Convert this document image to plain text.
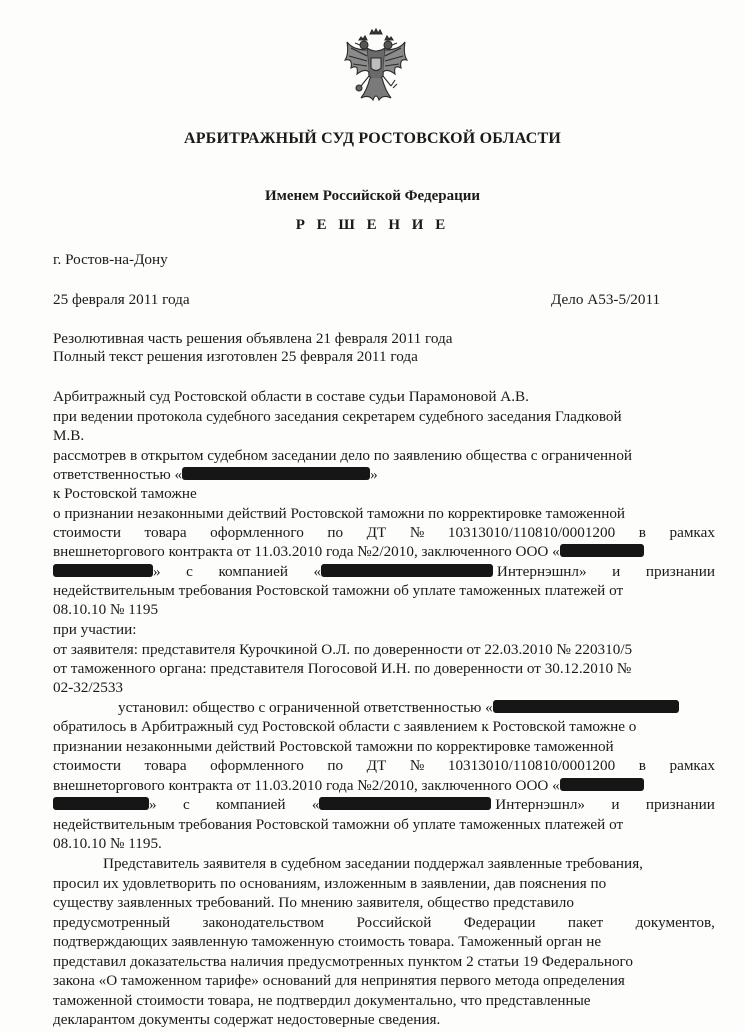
АРБИТРАЖНЫЙ СУД РОСТОВСКОЙ ОБЛАСТИ
Именем Российской Федерации
Р Е Ш Е Н И Е
г. Ростов-на-Дону
25 февраля 2011 года	Дело А53-5/2011
Резолютивная часть решения объявлена 21 февраля 2011 года
Полный текст решения изготовлен 25 февраля 2011 года
Арбитражный суд Ростовской области в составе судьи Парамоновой А.В.
при ведении протокола судебного заседания секретарем судебного заседания Гладковой
М.В.
рассмотрев в открытом судебном заседании дело по заявлению общества с ограниченной
ответственностью «	»
к Ростовской таможне
о признании незаконными действий Ростовской таможни по корректировке таможенной
стоимости товара оформленного по ДТ № 10313010/110810/0001200 в рамках
внешнеторгового контракта от 11.03.2010 года №2/2010, заключенного ООО «
» с компанией «	Интернэшнл» и признании
недействительным требования Ростовской таможни об уплате таможенных платежей от
08.10.10 № 1195
при участии:
от заявителя: представителя Курочкиной О.Л. по доверенности от 22.03.2010 № 220310/5
от таможенного органа: представителя Погосовой И.Н. по доверенности от 30.12.2010 №
02-32/2533
установил: общество с ограниченной ответственностью «
обратилось в Арбитражный суд Ростовской области с заявлением к Ростовской таможне о
признании незаконными действий Ростовской таможни по корректировке таможенной
стоимости товара оформленного по ДТ № 10313010/110810/0001200 в рамках
внешнеторгового контракта от 11.03.2010 года №2/2010, заключенного ООО «
» с компанией «	Интернэшнл» и признании
недействительным требования Ростовской таможни об уплате таможенных платежей от
08.10.10 № 1195.
Представитель заявителя в судебном заседании поддержал заявленные требования,
просил их удовлетворить по основаниям, изложенным в заявлении, дав пояснения по
существу заявленных требований. По мнению заявителя, общество представило
предусмотренный законодательством Российской Федерации пакет документов,
подтверждающих заявленную таможенную стоимость товара. Таможенный орган не
представил доказательства наличия предусмотренных пунктом 2 статьи 19 Федерального
закона «О таможенном тарифе» оснований для непринятия первого метода определения
таможенной стоимости товара, не подтвердил документально, что представленные
декларантом документы содержат недостоверные сведения.
